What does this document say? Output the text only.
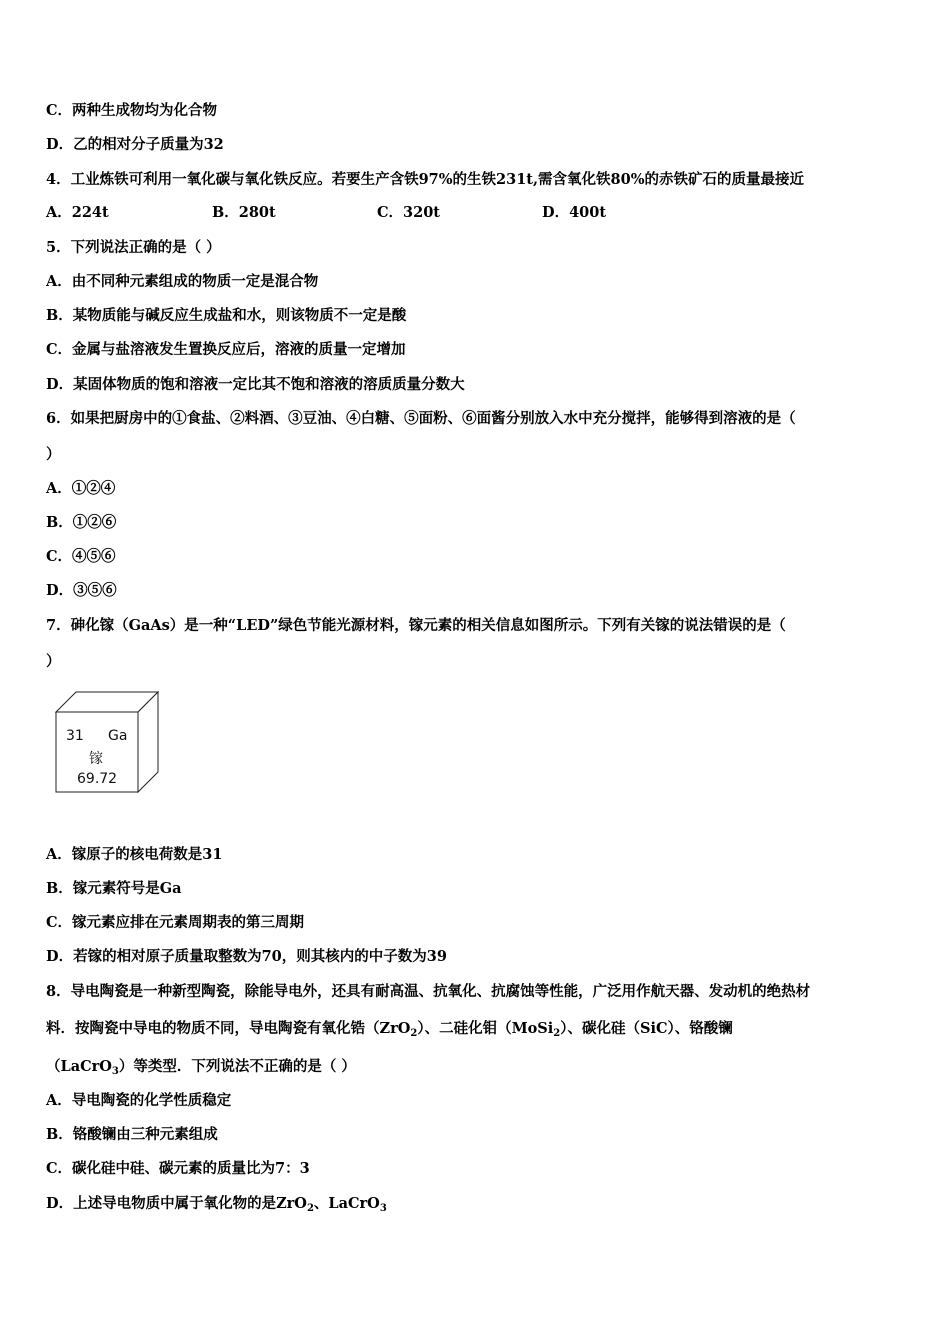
C．两种生成物均为化合物
D．乙的相对分子质量为32
4．工业炼铁可利用一氧化碳与氧化铁反应。若要生产含铁97%的生铁231t,需含氧化铁80%的赤铁矿石的质量最接近
A．224t	B．280t	C．320t	D．400t
5．下列说法正确的是（ ）
A．由不同种元素组成的物质一定是混合物
B．某物质能与碱反应生成盐和水，则该物质不一定是酸
C．金属与盐溶液发生置换反应后，溶液的质量一定增加
D．某固体物质的饱和溶液一定比其不饱和溶液的溶质质量分数大
6．如果把厨房中的①食盐、②料酒、③豆油、④白糖、⑤面粉、⑥面酱分别放入水中充分搅拌，能够得到溶液的是（
）
A．①②④
B．①②⑥
C．④⑤⑥
D．③⑤⑥
7．砷化镓（GaAs）是一种“LED”绿色节能光源材料，镓元素的相关信息如图所示。下列有关镓的说法错误的是（
）
31 Ga
镓
69.72
A．镓原子的核电荷数是31
B．镓元素符号是Ga
C．镓元素应排在元素周期表的第三周期
D．若镓的相对原子质量取整数为70，则其核内的中子数为39
8．导电陶瓷是一种新型陶瓷，除能导电外，还具有耐高温、抗氧化、抗腐蚀等性能，广泛用作航天器、发动机的绝热材
料．按陶瓷中导电的物质不同，导电陶瓷有氧化锆（ZrO$_2$）、二硅化钼（MoSi$_2$）、碳化硅（SiC）、铬酸镧
（LaCrO$_3$）等类型．下列说法不正确的是（ ）
A．导电陶瓷的化学性质稳定
B．铬酸镧由三种元素组成
C．碳化硅中硅、碳元素的质量比为7：3
D．上述导电物质中属于氧化物的是ZrO$_2$、LaCrO$_3$
